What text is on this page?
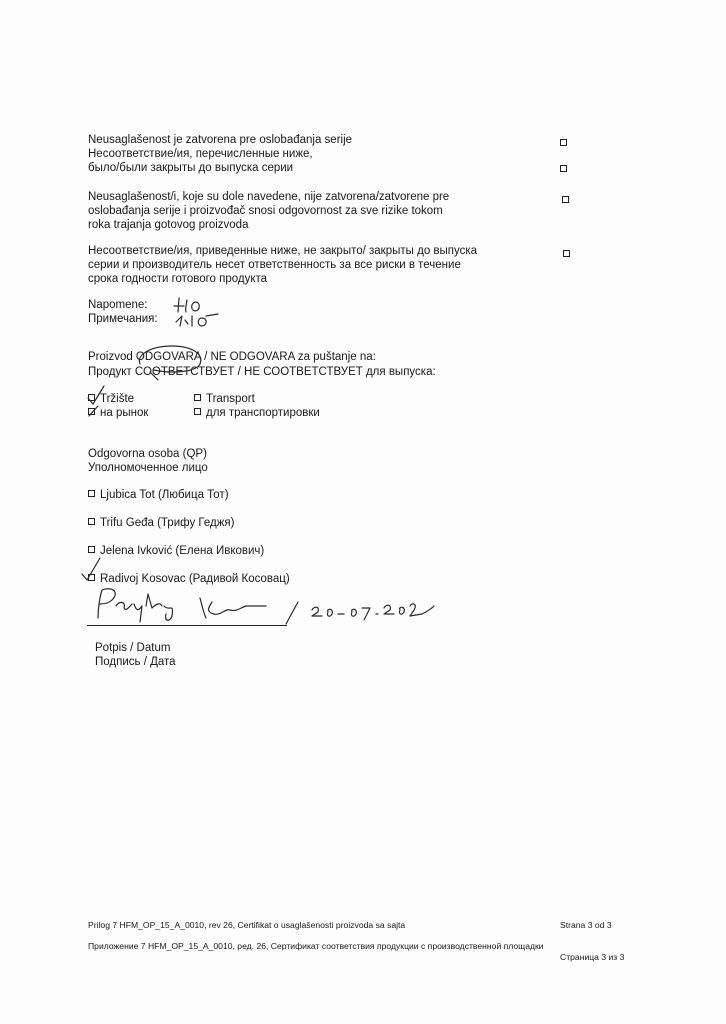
Neusaglašenost je zatvorena pre oslobađanja serije
Несоответствие/ия, перечисленные ниже,
было/были закрыты до выпуска серии
Neusaglašenost/i, koje su dole navedene, nije zatvorena/zatvorene pre
oslobađanja serije i proizvođač snosi odgovornost za sve rizike tokom
roka trajanja gotovog proizvoda
Несоответствие/ия, приведенные ниже, не закрыто/ закрыты до выпуска
серии и производитель несет ответственность за все риски в течение
срока годности готового продукта
Napomene:
Примечания:
Proizvod ODGOVARA / NE ODGOVARA za puštanje na:
Продукт СООТВЕТСТВУЕТ / НЕ СООТВЕТСТВУЕТ для выпуска:
Tržište
на рынок
Transport
для транспортировки
Odgovorna osoba (QP)
Уполномоченное лицо
Ljubica Tot (Любица Тот)
Trifu Geđa (Трифу Геджя)
Jelena Ivković (Елена Ивкович)
Radivoj Kosovac (Радивой Косовац)
Potpis / Datum
Подпись / Дата
Prilog 7 HFM_OP_15_A_0010, rev 26, Certifikat o usaglašenosti proizvoda sa sajta	Strana 3 od 3
Приложение 7 HFM_OP_15_A_0010, ред. 26, Сертификат соответствия продукции с производственной площадки
Страница 3 из 3
